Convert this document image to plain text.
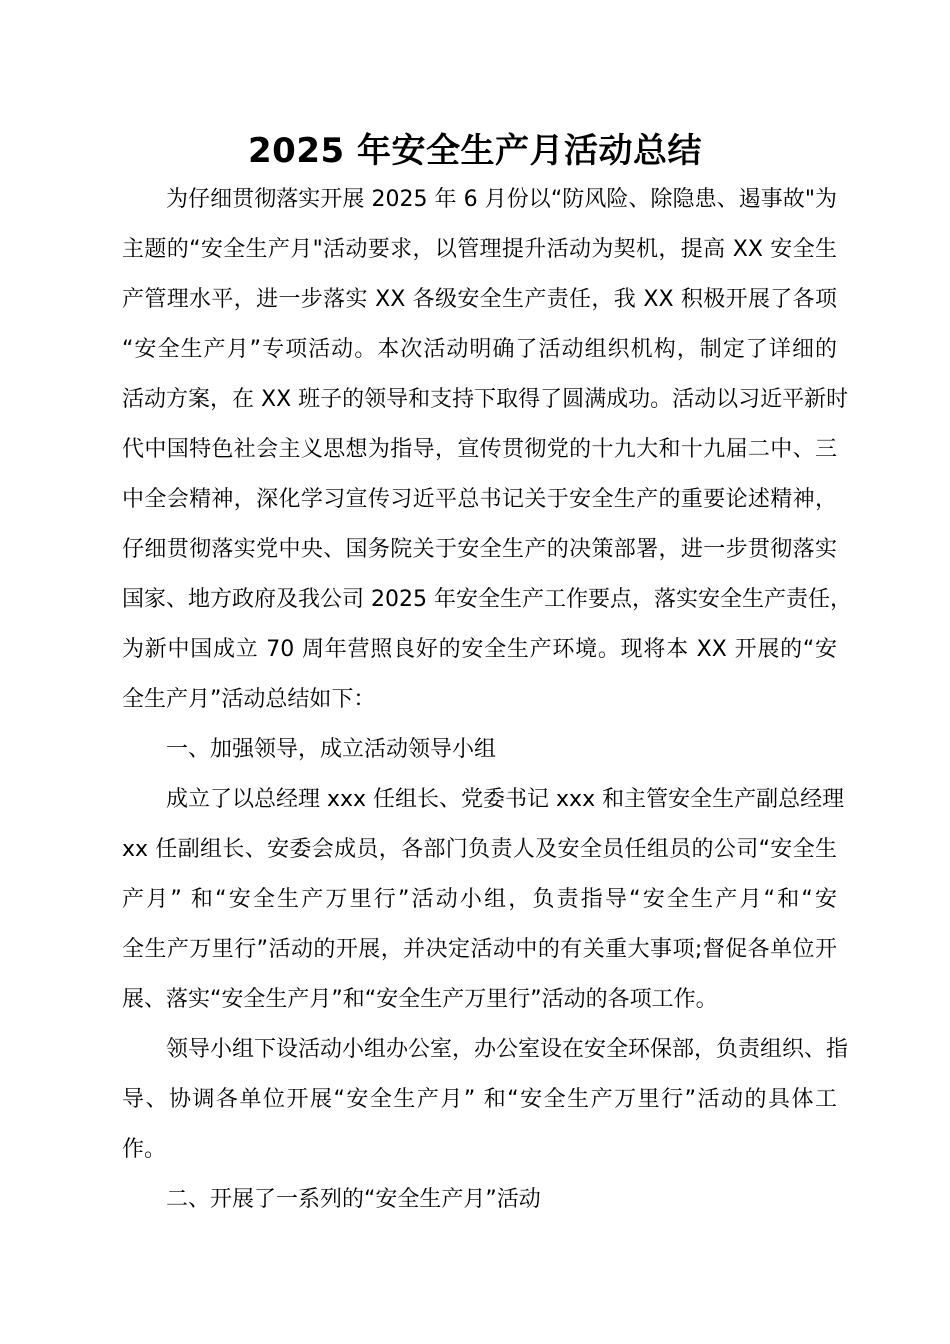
2025 年安全生产月活动总结
为仔细贯彻落实开展 2025 年 6 月份以“防风险、除隐患、遏事故"为
主题的“安全生产月"活动要求，以管理提升活动为契机，提高 XX 安全生
产管理水平，进一步落实 XX 各级安全生产责任，我 XX 积极开展了各项
“安全生产月”专项活动。本次活动明确了活动组织机构，制定了详细的
活动方案，在 XX 班子的领导和支持下取得了圆满成功。活动以习近平新时
代中国特色社会主义思想为指导，宣传贯彻党的十九大和十九届二中、三
中全会精神，深化学习宣传习近平总书记关于安全生产的重要论述精神，
仔细贯彻落实党中央、国务院关于安全生产的决策部署，进一步贯彻落实
国家、地方政府及我公司 2025 年安全生产工作要点，落实安全生产责任，
为新中国成立 70 周年营照良好的安全生产环境。现将本 XX 开展的“安
全生产月”活动总结如下：
一、加强领导，成立活动领导小组
成立了以总经理 xxx 任组长、党委书记 xxx 和主管安全生产副总经理
xx 任副组长、安委会成员，各部门负责人及安全员任组员的公司“安全生
产月” 和“安全生产万里行”活动小组，负责指导“安全生产月“和“安
全生产万里行”活动的开展，并决定活动中的有关重大事项;督促各单位开
展、落实“安全生产月”和“安全生产万里行”活动的各项工作。
领导小组下设活动小组办公室，办公室设在安全环保部，负责组织、指
导、协调各单位开展“安全生产月” 和“安全生产万里行”活动的具体工
作。
二、开展了一系列的“安全生产月”活动
